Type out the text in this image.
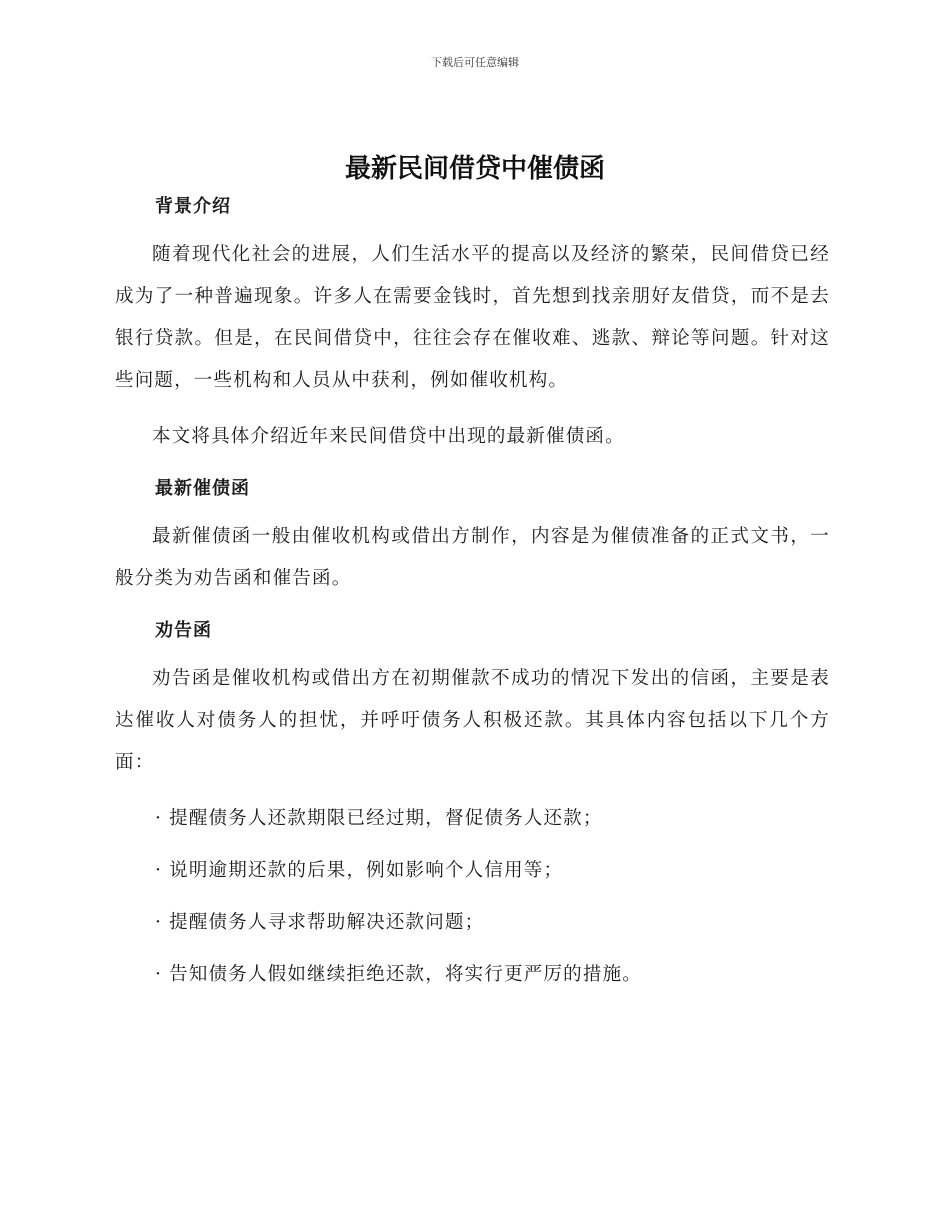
下载后可任意编辑
最新民间借贷中催债函

背景介绍

随着现代化社会的进展，人们生活水平的提高以及经济的繁荣，民间借贷已经成为了一种普遍现象。许多人在需要金钱时，首先想到找亲朋好友借贷，而不是去银行贷款。但是，在民间借贷中，往往会存在催收难、逃款、辩论等问题。针对这些问题，一些机构和人员从中获利，例如催收机构。

本文将具体介绍近年来民间借贷中出现的最新催债函。

最新催债函

最新催债函一般由催收机构或借出方制作，内容是为催债准备的正式文书，一般分类为劝告函和催告函。

劝告函

劝告函是催收机构或借出方在初期催款不成功的情况下发出的信函，主要是表达催收人对债务人的担忧，并呼吁债务人积极还款。其具体内容包括以下几个方面：

· 提醒债务人还款期限已经过期，督促债务人还款；

· 说明逾期还款的后果，例如影响个人信用等；

· 提醒债务人寻求帮助解决还款问题；

· 告知债务人假如继续拒绝还款，将实行更严厉的措施。
